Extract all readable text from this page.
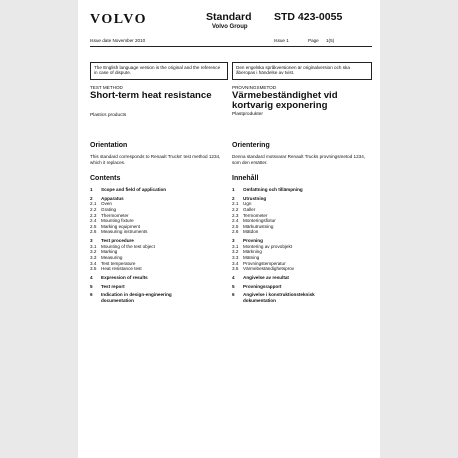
VOLVO	Standard
Volvo Group
STD 423-0055
Issue date November 2010	Issue 1	Page 1(5)
The English language version is the original and the reference in case of dispute.
Den engelska språkversionen är originalversion och ska åberopas i händelse av tvist.
TEST METHOD
Short-term heat resistance
Plastics products
Orientation
This standard corresponds to Renault Trucks' test method 1234, which it replaces.
Contents
1	Scope and field of application
2	Apparatus
2.1	Oven
2.2	Grating
2.3	Thermometer
2.4	Mounting fixture
2.5	Marking equipment
2.6	Measuring instruments
3	Test procedure
3.1	Mounting of the test object
3.2	Marking
3.3	Measuring
3.4	Test temperature
3.5	Heat resistance test
4	Expression of results
5	Test report
6	Indication in design-engineering
documentation
PROVNINGSMETOD
Värmebeständighet vid
kortvarig exponering
Plastprodukter
Orientering
Denna standard motsvarar Renault Trucks provningsmetod 1234, som den ersätter.
Innehåll
1	Omfattning och tillämpning
2	Utrustning
2.1	Ugn
2.2	Galler
2.3	Termometer
2.4	Monteringsfixtur
2.5	Märkutrustning
2.6	Mätdon
3	Provning
3.1	Montering av provobjekt
3.2	Märkning
3.3	Mätning
3.4	Provningstemperatur
3.5	Värmebeständighetsprov
4	Angivelse av resultat
5	Provningsrapport
6	Angivelse i konstruktionsteknisk
dokumentation
